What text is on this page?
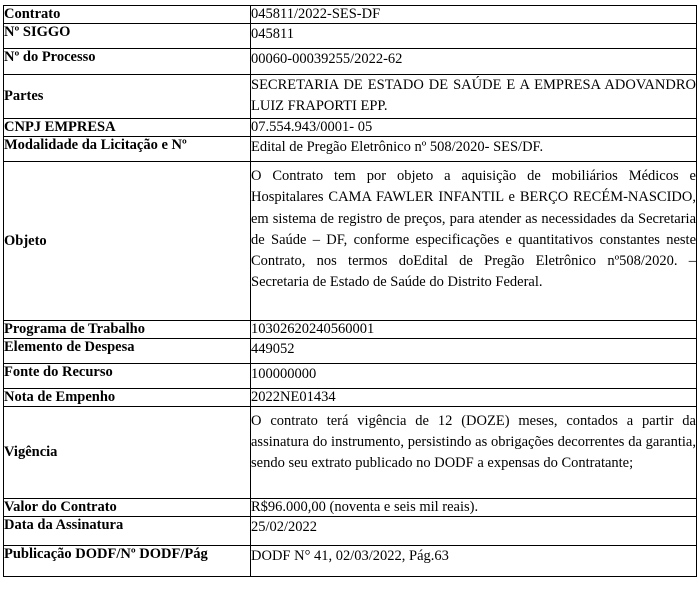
Contrato	045811/2022-SES-DF
Nº SIGGO	045811
Nº do Processo	00060-00039255/2022-62
Partes	SECRETARIA DE ESTADO DE SAÚDE E A EMPRESA ADOVANDRO LUIZ FRAPORTI EPP.
CNPJ EMPRESA	07.554.943/0001- 05
Modalidade da Licitação e Nº	Edital de Pregão Eletrônico nº 508/2020- SES/DF.
Objeto	O Contrato tem por objeto a aquisição de mobiliários Médicos e Hospitalares CAMA FAWLER INFANTIL e BERÇO RECÉM-NASCIDO, em sistema de registro de preços, para atender as necessidades da Secretaria de Saúde – DF, conforme especificações e quantitativos constantes neste Contrato, nos termos doEdital de Pregão Eletrônico nº508/2020. – Secretaria de Estado de Saúde do Distrito Federal.
Programa de Trabalho	10302620240560001
Elemento de Despesa	449052
Fonte do Recurso	100000000
Nota de Empenho	2022NE01434
Vigência	O contrato terá vigência de 12 (DOZE) meses, contados a partir da assinatura do instrumento, persistindo as obrigações decorrentes da garantia, sendo seu extrato publicado no DODF a expensas do Contratante;
Valor do Contrato	R$96.000,00 (noventa e seis mil reais).
Data da Assinatura	25/02/2022
Publicação DODF/Nº DODF/Pág	DODF N° 41, 02/03/2022, Pág.63
